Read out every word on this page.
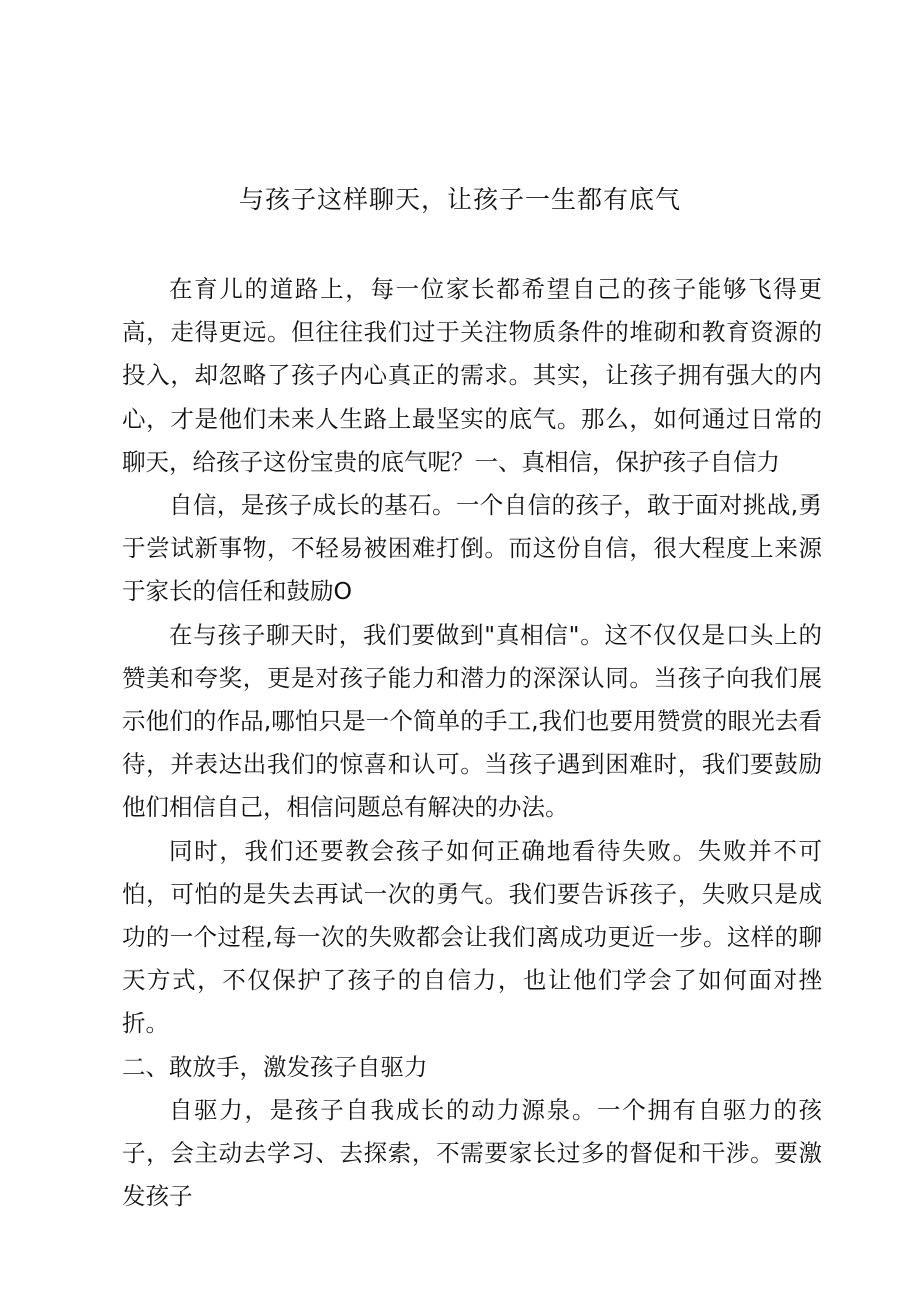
与孩子这样聊天，让孩子一生都有底气

在育儿的道路上，每一位家长都希望自己的孩子能够飞得更高，走得更远。但往往我们过于关注物质条件的堆砌和教育资源的投入，却忽略了孩子内心真正的需求。其实，让孩子拥有强大的内心，才是他们未来人生路上最坚实的底气。那么，如何通过日常的聊天，给孩子这份宝贵的底气呢？一、真相信，保护孩子自信力

自信，是孩子成长的基石。一个自信的孩子，敢于面对挑战,勇于尝试新事物，不轻易被困难打倒。而这份自信，很大程度上来源于家长的信任和鼓励O

在与孩子聊天时，我们要做到"真相信"。这不仅仅是口头上的赞美和夸奖，更是对孩子能力和潜力的深深认同。当孩子向我们展示他们的作品,哪怕只是一个简单的手工,我们也要用赞赏的眼光去看待，并表达出我们的惊喜和认可。当孩子遇到困难时，我们要鼓励他们相信自己，相信问题总有解决的办法。

同时，我们还要教会孩子如何正确地看待失败。失败并不可怕，可怕的是失去再试一次的勇气。我们要告诉孩子，失败只是成功的一个过程,每一次的失败都会让我们离成功更近一步。这样的聊天方式，不仅保护了孩子的自信力，也让他们学会了如何面对挫折。

二、敢放手，激发孩子自驱力

自驱力，是孩子自我成长的动力源泉。一个拥有自驱力的孩子，会主动去学习、去探索，不需要家长过多的督促和干涉。要激发孩子
